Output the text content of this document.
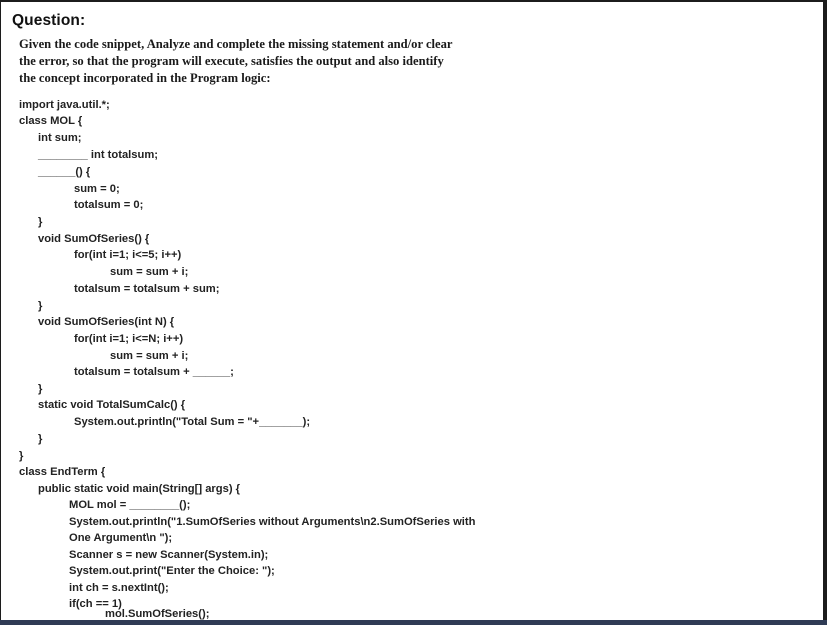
Question:
Given the code snippet, Analyze and complete the missing statement and/or clear
the error, so that the program will execute, satisfies the output and also identify
the concept incorporated in the Program logic:
import java.util.*;
class MOL {
int sum;
________ int totalsum;
______() {
sum = 0;
totalsum = 0;
}
void SumOfSeries() {
for(int i=1; i<=5; i++)
sum = sum + i;
totalsum = totalsum + sum;
}
void SumOfSeries(int N) {
for(int i=1; i<=N; i++)
sum = sum + i;
totalsum = totalsum + ______;
}
static void TotalSumCalc() {
System.out.println("Total Sum = "+_______);
}
}
class EndTerm {
public static void main(String[] args) {
MOL mol = ________();
System.out.println("1.SumOfSeries without Arguments\n2.SumOfSeries with
One Argument\n ");
Scanner s = new Scanner(System.in);
System.out.print("Enter the Choice: ");
int ch = s.nextInt();
if(ch == 1)
mol.SumOfSeries();
